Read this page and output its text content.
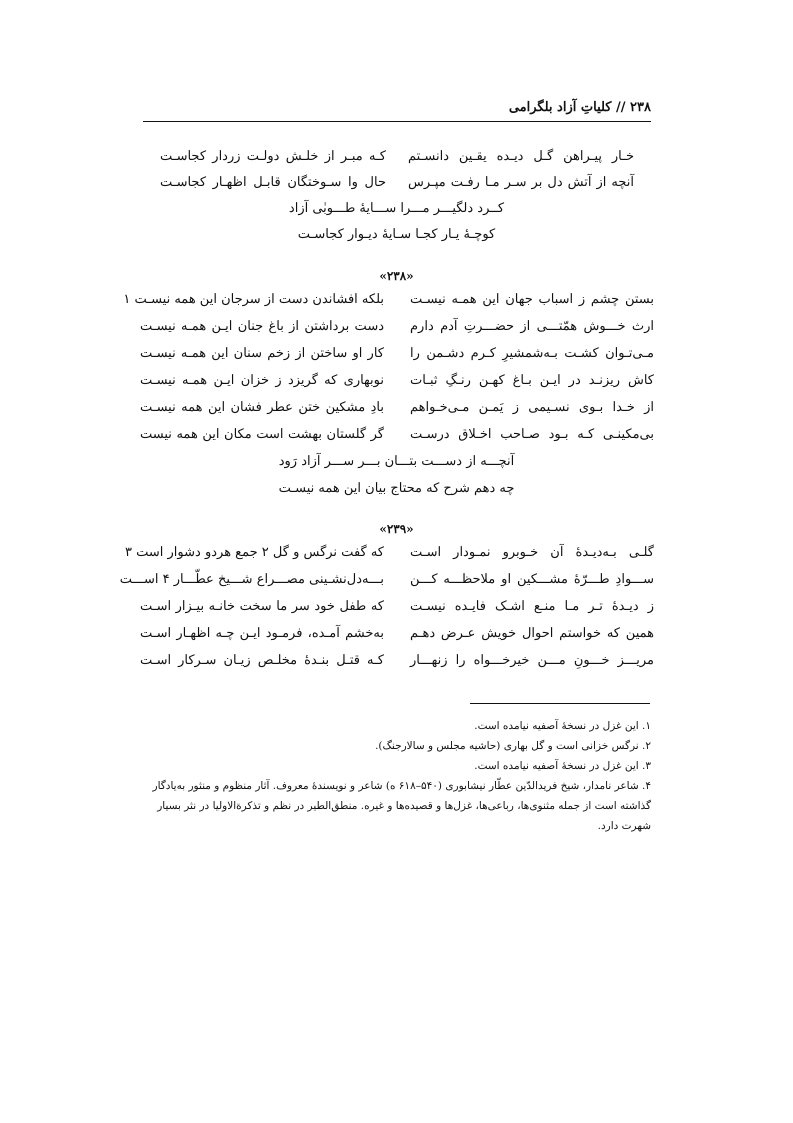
۲۳۸ // کلیاتِ آزاد بلگرامی
خـار پیـراهن گـل دیـده یقـین دانسـتم
کـه مبـر از خلـش دولـت زردار کجاسـت
آنچه از آتش دل بر سـر مـا رفـت مپـرس
حال وا سـوختگان قابـل اظهـار کجاسـت
کــرد دلگیـــر مـــرا ســـایهٔ طـــوبٰی آزاد
کوچـهٔ یـار کجـا سـایهٔ دیـوار کجاسـت
«۲۳۸»
بستن چشم ز اسباب جهان این همـه نیسـت
بلکه افشاندن دست از سرجان این همه نیسـت ۱
ارث خـــوش همّتـــی از حضـــرتِ آدم دارم
دست برداشتن از باغ جنان ایـن همـه نیسـت
مـی‌تـوان کشـت بـه‌شمشیرِ کـرم دشـمن را
کار او ساختن از زخم سنان این همـه نیسـت
کاش ریزنـد در ایـن بـاغ کهـن رنـگِ ثبـات
نوبهاری که گریزد ز خزان ایـن همـه نیسـت
از خـدا بـوی نسـیمی ز یَمـن مـی‌خـواهم
بادِ مشکین ختن عطر فشان این همه نیسـت
بی‌مکینـی کـه بـود صـاحب اخـلاق درسـت
گر گلستان بهشت است مکان این همه نیست
آنچـــه از دســـت بتـــان بـــر ســـر آزاد رَود
چه دهم شرح که محتاج بیان این همه نیسـت
«۲۳۹»
گلـی بـه‌دیـدهٔ آن خـوبرو نمـودار اسـت
که گفت نرگس و گل ۲ جمع هردو دشوار است ۳
ســـوادِ طـــرّهٔ مشـــکین او ملاحظـــه کـــن
بـــه‌دل‌نشـینی مصـــراع شـــیخ عطّـــار ۴ اســـت
ز دیـدهٔ تـر مـا منـع اشـک فایـده نیسـت
که طفل خود سر ما سخت خانـه بیـزار اسـت
همین که خواستم احوال خویش عـرض دهـم
به‌خشم آمـده، فرمـود ایـن چـه اظهـار اسـت
مریـــز خـــونِ مـــن خیرخـــواه را زنهـــار
کـه قتـل بنـدهٔ مخلـص زیـان سـرکار اسـت
۱. این غزل در نسخهٔ آصفیه نیامده است.
۲. نرگس خزانی است و گل بهاری (حاشیه مجلس و سالارجنگ).
۳. این غزل در نسخهٔ آصفیه نیامده است.
۴. شاعر نامدار، شیخ فریدالدّین عطّار نیشابوری (۵۴۰–۶۱۸ ه) شاعر و نویسندهٔ معروف. آثار منظوم و منثور به‌یادگار گذاشته است از جمله مثنوی‌ها، رباعی‌ها، غزل‌ها و قصیده‌ها و غیره. منطق‌الطیر در نظم و تذکرةالاولیا در نثر بسیار شهرت دارد.
